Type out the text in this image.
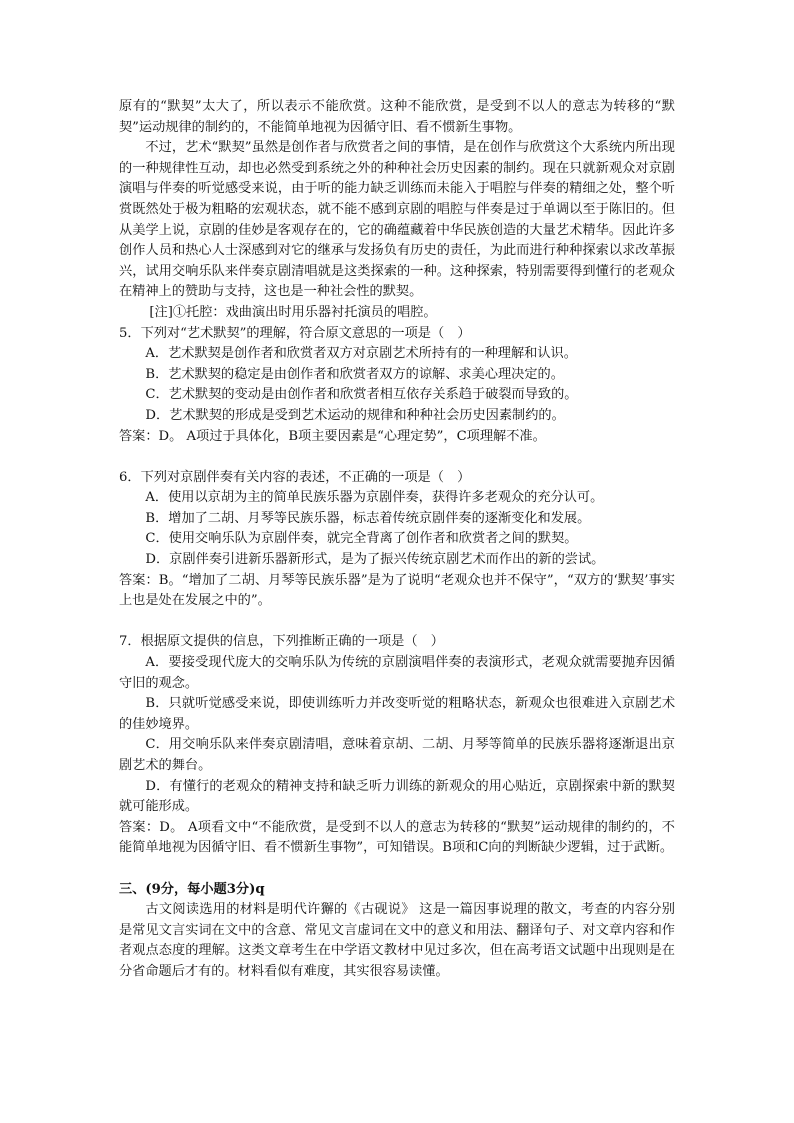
原有的“默契”太大了，所以表示不能欣赏。这种不能欣赏，是受到不以人的意志为转移的“默契”运动规律的制约的，不能简单地视为因循守旧、看不惯新生事物。

不过，艺术“默契”虽然是创作者与欣赏者之间的事情，是在创作与欣赏这个大系统内所出现的一种规律性互动，却也必然受到系统之外的种种社会历史因素的制约。现在只就新观众对京剧演唱与伴奏的听觉感受来说，由于听的能力缺乏训练而未能入于唱腔与伴奏的精细之处，整个听赏既然处于极为粗略的宏观状态，就不能不感到京剧的唱腔与伴奏是过于单调以至于陈旧的。但从美学上说，京剧的佳妙是客观存在的，它的确蕴藏着中华民族创造的大量艺术精华。因此许多创作人员和热心人士深感到对它的继承与发扬负有历史的责任，为此而进行种种探索以求改革振兴，试用交响乐队来伴奏京剧清唱就是这类探索的一种。这种探索，特别需要得到懂行的老观众在精神上的赞助与支持，这也是一种社会性的默契。

[注]①托腔：戏曲演出时用乐器衬托演员的唱腔。

5．下列对“艺术默契”的理解，符合原文意思的一项是（　）

A．艺术默契是创作者和欣赏者双方对京剧艺术所持有的一种理解和认识。

B．艺术默契的稳定是由创作者和欣赏者双方的谅解、求美心理决定的。

C．艺术默契的变动是由创作者和欣赏者相互依存关系趋于破裂而导致的。

D．艺术默契的形成是受到艺术运动的规律和种种社会历史因素制约的。

答案：D。 A项过于具体化，B项主要因素是“心理定势”，C项理解不准。

6．下列对京剧伴奏有关内容的表述，不正确的一项是（　）

A．使用以京胡为主的简单民族乐器为京剧伴奏，获得许多老观众的充分认可。

B．增加了二胡、月琴等民族乐器，标志着传统京剧伴奏的逐渐变化和发展。

C．使用交响乐队为京剧伴奏，就完全背离了创作者和欣赏者之间的默契。

D．京剧伴奏引进新乐器新形式，是为了振兴传统京剧艺术而作出的新的尝试。

答案：B。“增加了二胡、月琴等民族乐器”是为了说明“老观众也并不保守”，“双方的‘默契’事实上也是处在发展之中的”。

7．根据原文提供的信息，下列推断正确的一项是（　）

A．要接受现代庞大的交响乐队为传统的京剧演唱伴奏的表演形式，老观众就需要抛弃因循守旧的观念。

B．只就听觉感受来说，即使训练听力并改变听觉的粗略状态，新观众也很难进入京剧艺术的佳妙境界。

C．用交响乐队来伴奏京剧清唱，意味着京胡、二胡、月琴等简单的民族乐器将逐渐退出京剧艺术的舞台。

D．有懂行的老观众的精神支持和缺乏听力训练的新观众的用心贴近，京剧探索中新的默契就可能形成。

答案：D。 A项看文中“不能欣赏，是受到不以人的意志为转移的“默契”运动规律的制约的，不能简单地视为因循守旧、看不惯新生事物”，可知错误。B项和C向的判断缺少逻辑，过于武断。

三、(9分，每小题3分)q

古文阅读选用的材料是明代许獬的《古砚说》 这是一篇因事说理的散文，考查的内容分别是常见文言实词在文中的含意、常见文言虚词在文中的意义和用法、翻译句子、对文章内容和作者观点态度的理解。这类文章考生在中学语文教材中见过多次，但在高考语文试题中出现则是在分省命题后才有的。材料看似有难度，其实很容易读懂。
